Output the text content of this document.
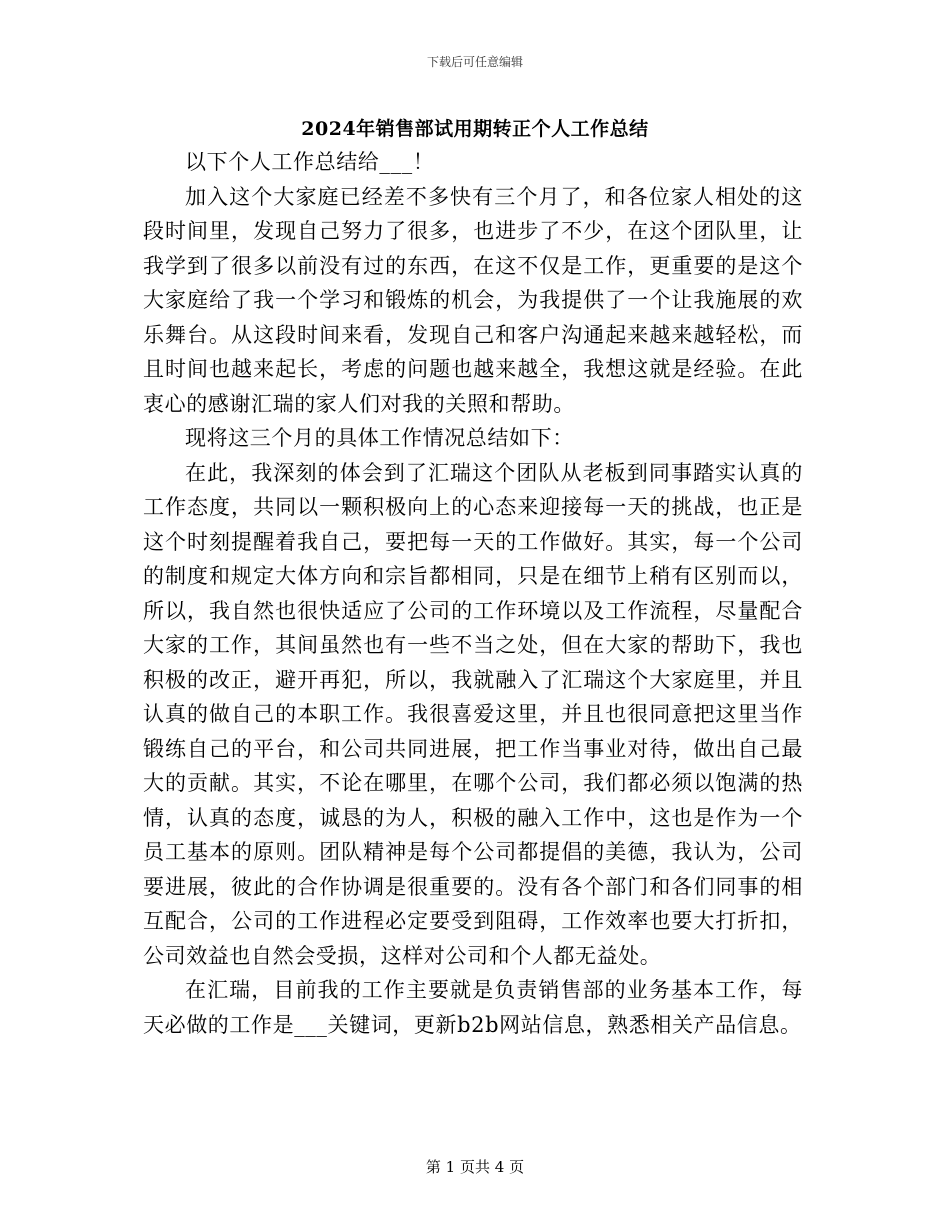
下载后可任意编辑
2024年销售部试用期转正个人工作总结

以下个人工作总结给___！

加入这个大家庭已经差不多快有三个月了，和各位家人相处的这段时间里，发现自己努力了很多，也进步了不少，在这个团队里，让我学到了很多以前没有过的东西，在这不仅是工作，更重要的是这个大家庭给了我一个学习和锻炼的机会，为我提供了一个让我施展的欢乐舞台。从这段时间来看，发现自己和客户沟通起来越来越轻松，而且时间也越来起长，考虑的问题也越来越全，我想这就是经验。在此衷心的感谢汇瑞的家人们对我的关照和帮助。

现将这三个月的具体工作情况总结如下：

在此，我深刻的体会到了汇瑞这个团队从老板到同事踏实认真的工作态度，共同以一颗积极向上的心态来迎接每一天的挑战，也正是这个时刻提醒着我自己，要把每一天的工作做好。其实，每一个公司的制度和规定大体方向和宗旨都相同，只是在细节上稍有区别而以，所以，我自然也很快适应了公司的工作环境以及工作流程，尽量配合大家的工作，其间虽然也有一些不当之处，但在大家的帮助下，我也积极的改正，避开再犯，所以，我就融入了汇瑞这个大家庭里，并且认真的做自己的本职工作。我很喜爱这里，并且也很同意把这里当作锻练自己的平台，和公司共同进展，把工作当事业对待，做出自己最大的贡献。其实，不论在哪里，在哪个公司，我们都必须以饱满的热情，认真的态度，诚恳的为人，积极的融入工作中，这也是作为一个员工基本的原则。团队精神是每个公司都提倡的美德，我认为，公司要进展，彼此的合作协调是很重要的。没有各个部门和各们同事的相互配合，公司的工作进程必定要受到阻碍，工作效率也要大打折扣，公司效益也自然会受损，这样对公司和个人都无益处。

在汇瑞，目前我的工作主要就是负责销售部的业务基本工作，每天必做的工作是___关键词，更新b2b网站信息，熟悉相关产品信息。

第 1 页共 4 页
